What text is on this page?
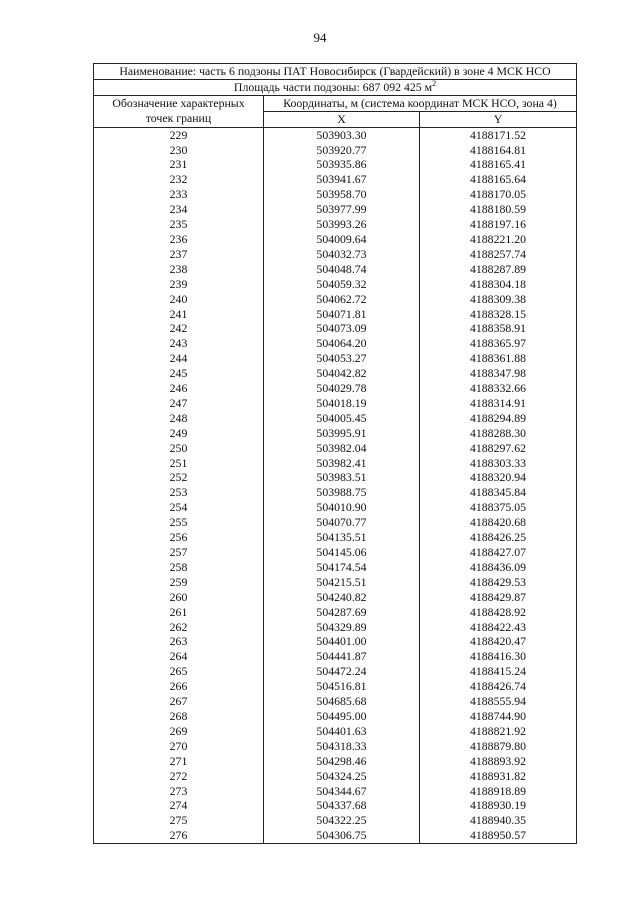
94
Наименование: часть 6 подзоны ПАТ Новосибирск (Гвардейский) в зоне 4 МСК НСО		
Площадь части подзоны: 687 092 425 $м^2$
Обозначение характерных	Координаты, м (система координат МСК НСО, зона 4)	
точек границ	X	Y
229	503903.30	4188171.52
230	503920.77	4188164.81
231	503935.86	4188165.41
232	503941.67	4188165.64
233	503958.70	4188170.05
234	503977.99	4188180.59
235	503993.26	4188197.16
236	504009.64	4188221.20
237	504032.73	4188257.74
238	504048.74	4188287.89
239	504059.32	4188304.18
240	504062.72	4188309.38
241	504071.81	4188328.15
242	504073.09	4188358.91
243	504064.20	4188365.97
244	504053.27	4188361.88
245	504042.82	4188347.98
246	504029.78	4188332.66
247	504018.19	4188314.91
248	504005.45	4188294.89
249	503995.91	4188288.30
250	503982.04	4188297.62
251	503982.41	4188303.33
252	503983.51	4188320.94
253	503988.75	4188345.84
254	504010.90	4188375.05
255	504070.77	4188420.68
256	504135.51	4188426.25
257	504145.06	4188427.07
258	504174.54	4188436.09
259	504215.51	4188429.53
260	504240.82	4188429.87
261	504287.69	4188428.92
262	504329.89	4188422.43
263	504401.00	4188420.47
264	504441.87	4188416.30
265	504472.24	4188415.24
266	504516.81	4188426.74
267	504685.68	4188555.94
268	504495.00	4188744.90
269	504401.63	4188821.92
270	504318.33	4188879.80
271	504298.46	4188893.92
272	504324.25	4188931.82
273	504344.67	4188918.89
274	504337.68	4188930.19
275	504322.25	4188940.35
276	504306.75	4188950.57
